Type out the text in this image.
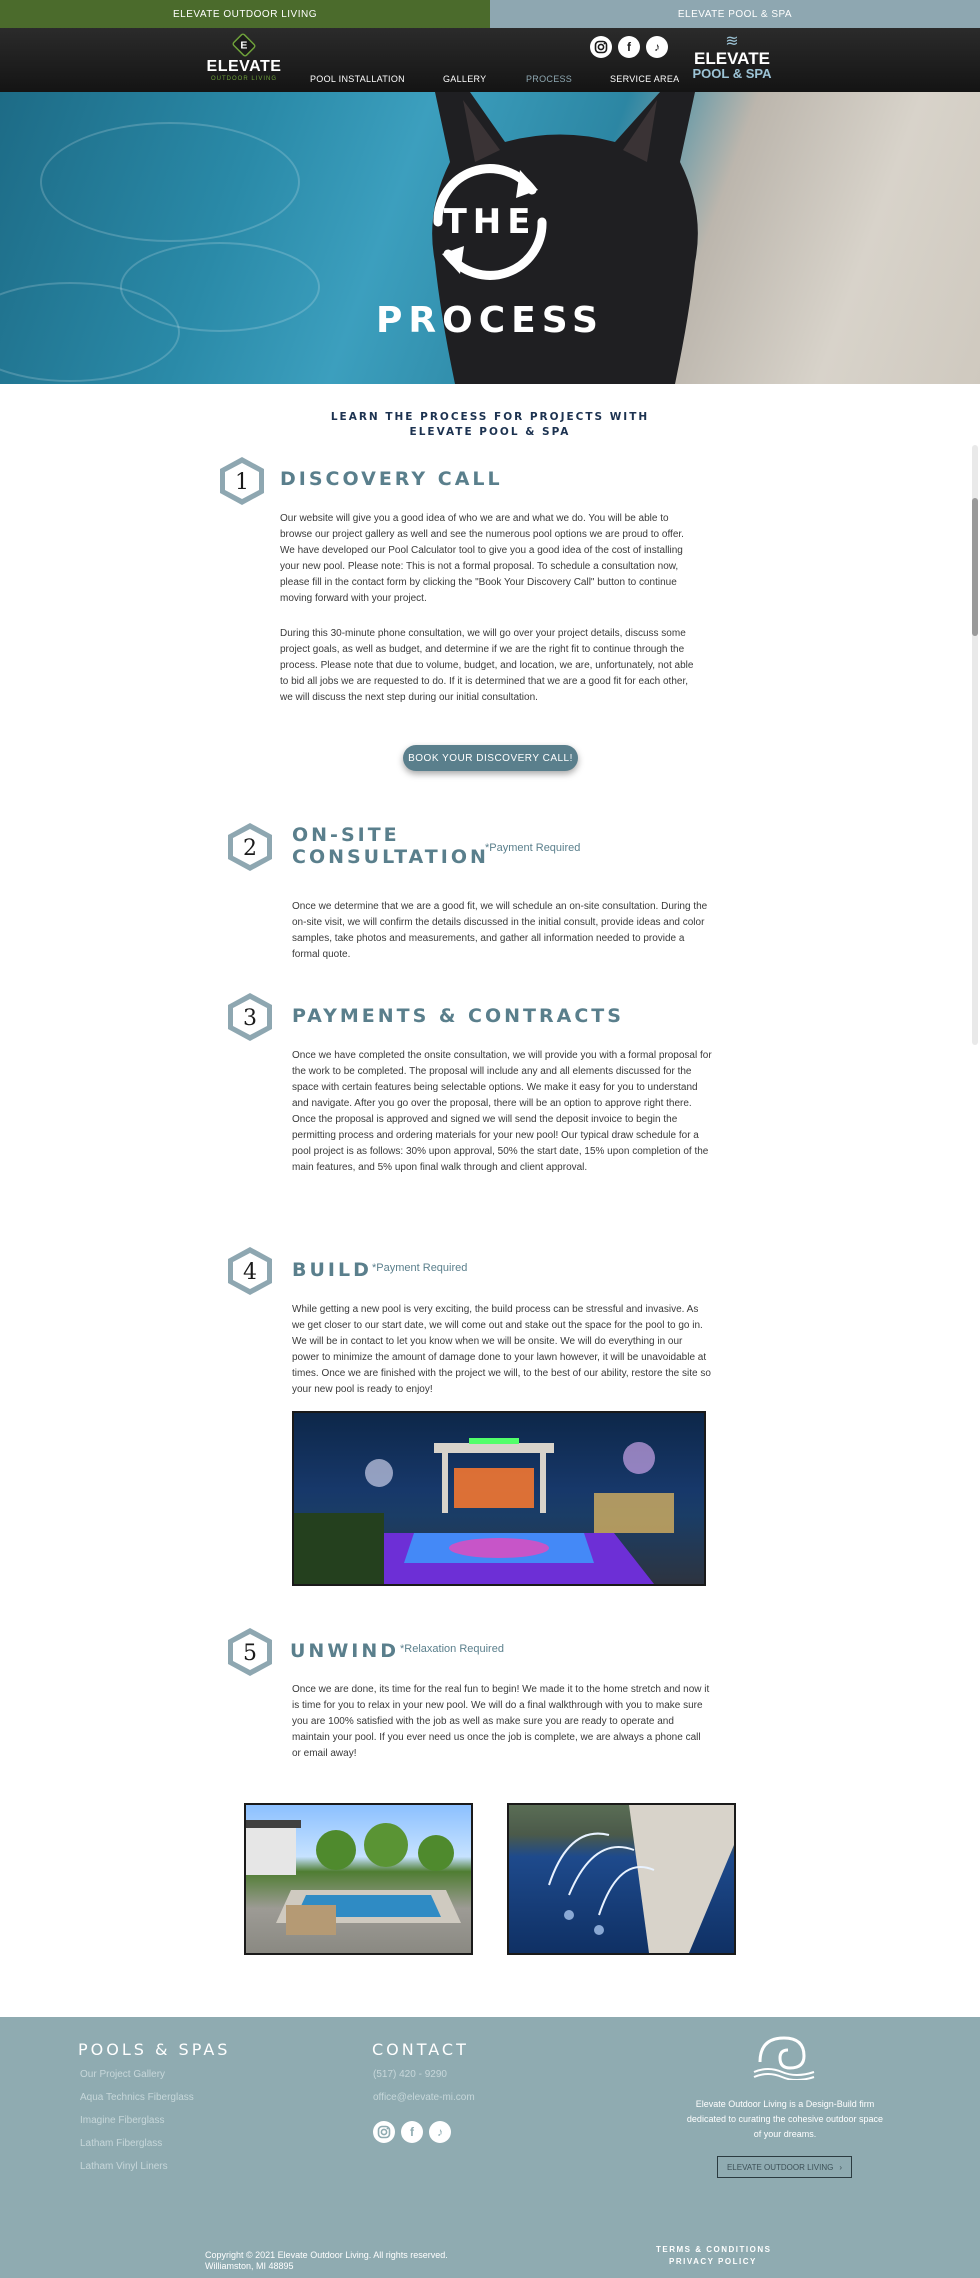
ELEVATE OUTDOOR LIVING	ELEVATE POOL & SPA
E
ELEVATE
OUTDOOR LIVING	POOL INSTALLATION	GALLERY	PROCESS	SERVICE AREA
f	♪	≋
ELEVATE
POOL & SPA
THE
PROCESS
LEARN THE PROCESS FOR PROJECTS WITH
ELEVATE POOL & SPA
1 DISCOVERY CALL
Our website will give you a good idea of who we are and what we do. You will be able to browse our project gallery as well and see the numerous pool options we are proud to offer. We have developed our Pool Calculator tool to give you a good idea of the cost of installing your new pool. Please note: This is not a formal proposal. To schedule a consultation now, please fill in the contact form by clicking the "Book Your Discovery Call" button to continue moving forward with your project.
During this 30-minute phone consultation, we will go over your project details, discuss some project goals, as well as budget, and determine if we are the right fit to continue through the process. Please note that due to volume, budget, and location, we are, unfortunately, not able to bid all jobs we are requested to do. If it is determined that we are a good fit for each other, we will discuss the next step during our initial consultation.
BOOK YOUR DISCOVERY CALL!
2
ON-SITE
CONSULTATION
*Payment Required
Once we determine that we are a good fit, we will schedule an on-site consultation. During the on-site visit, we will confirm the details discussed in the initial consult, provide ideas and color samples, take photos and measurements, and gather all information needed to provide a formal quote.
3 PAYMENTS & CONTRACTS
Once we have completed the onsite consultation, we will provide you with a formal proposal for the work to be completed. The proposal will include any and all elements discussed for the space with certain features being selectable options. We make it easy for you to understand and navigate. After you go over the proposal, there will be an option to approve right there. Once the proposal is approved and signed we will send the deposit invoice to begin the permitting process and ordering materials for your new pool! Our typical draw schedule for a pool project is as follows: 30% upon approval, 50% the start date, 15% upon completion of the main features, and 5% upon final walk through and client approval.
4 BUILD *Payment Required
While getting a new pool is very exciting, the build process can be stressful and invasive. As we get closer to our start date, we will come out and stake out the space for the pool to go in. We will be in contact to let you know when we will be onsite. We will do everything in our power to minimize the amount of damage done to your lawn however, it will be unavoidable at times. Once we are finished with the project we will, to the best of our ability, restore the site so your new pool is ready to enjoy!
5 UNWIND *Relaxation Required
Once we are done, its time for the real fun to begin! We made it to the home stretch and now it is time for you to relax in your new pool. We will do a final walkthrough with you to make sure you are 100% satisfied with the job as well as make sure you are ready to operate and maintain your pool. If you ever need us once the job is complete, we are always a phone call or email away!
POOLS & SPAS
Our Project Gallery
Aqua Technics Fiberglass
Imagine Fiberglass
Latham Fiberglass
Latham Vinyl Liners
CONTACT
(517) 420 - 9290
office@elevate-mi.com
f	♪
Elevate Outdoor Living is a Design-Build firm
dedicated to curating the cohesive outdoor space
of your dreams.
ELEVATE OUTDOOR LIVING ›
Copyright © 2021 Elevate Outdoor Living. All rights reserved.
Williamston, MI 48895
TERMS & CONDITIONS
PRIVACY POLICY
